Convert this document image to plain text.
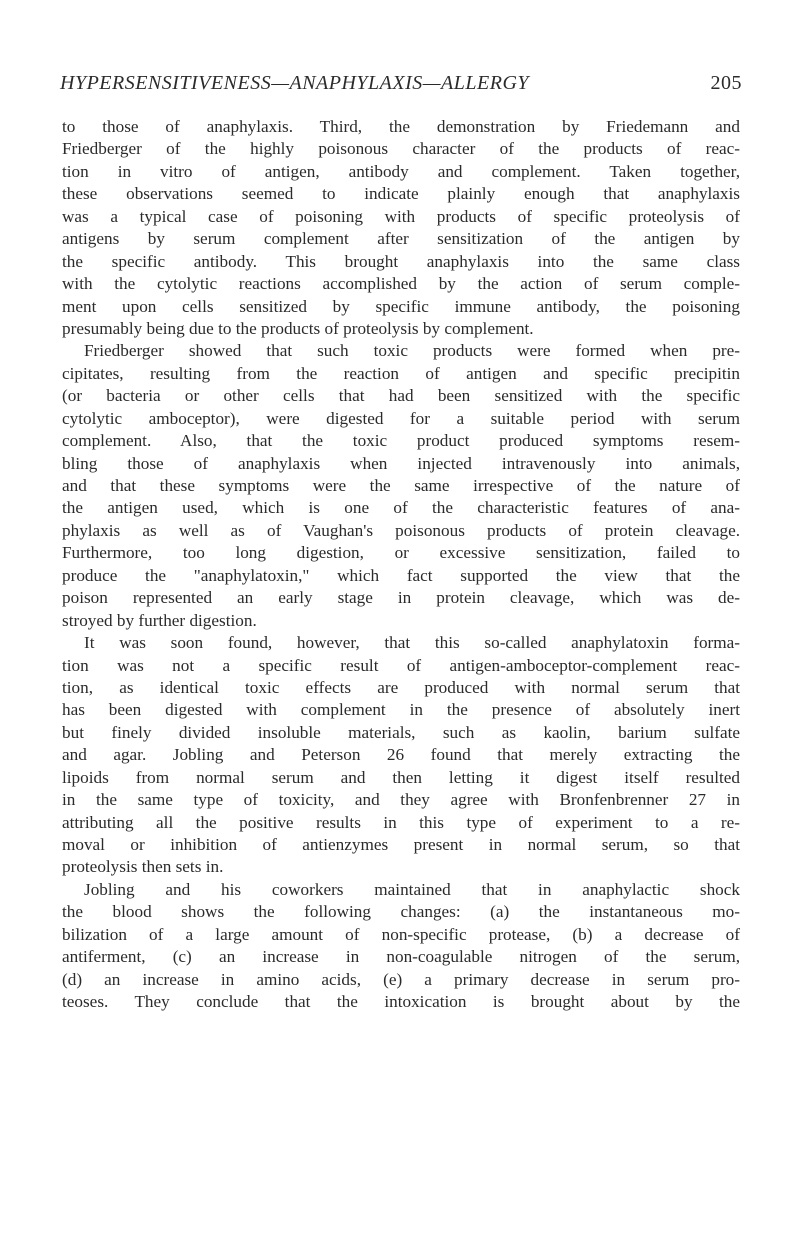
HYPERSENSITIVENESS—ANAPHYLAXIS—ALLERGY	205
to those of anaphylaxis. Third, the demonstration by Friedemann and
Friedberger of the highly poisonous character of the products of reac-
tion in vitro of antigen, antibody and complement. Taken together,
these observations seemed to indicate plainly enough that anaphylaxis
was a typical case of poisoning with products of specific proteolysis of
antigens by serum complement after sensitization of the antigen by
the specific antibody. This brought anaphylaxis into the same class
with the cytolytic reactions accomplished by the action of serum comple-
ment upon cells sensitized by specific immune antibody, the poisoning
presumably being due to the products of proteolysis by complement.
Friedberger showed that such toxic products were formed when pre-
cipitates, resulting from the reaction of antigen and specific precipitin
(or bacteria or other cells that had been sensitized with the specific
cytolytic amboceptor), were digested for a suitable period with serum
complement. Also, that the toxic product produced symptoms resem-
bling those of anaphylaxis when injected intravenously into animals,
and that these symptoms were the same irrespective of the nature of
the antigen used, which is one of the characteristic features of ana-
phylaxis as well as of Vaughan's poisonous products of protein cleavage.
Furthermore, too long digestion, or excessive sensitization, failed to
produce the "anaphylatoxin," which fact supported the view that the
poison represented an early stage in protein cleavage, which was de-
stroyed by further digestion.
It was soon found, however, that this so-called anaphylatoxin forma-
tion was not a specific result of antigen-amboceptor-complement reac-
tion, as identical toxic effects are produced with normal serum that
has been digested with complement in the presence of absolutely inert
but finely divided insoluble materials, such as kaolin, barium sulfate
and agar. Jobling and Peterson 26 found that merely extracting the
lipoids from normal serum and then letting it digest itself resulted
in the same type of toxicity, and they agree with Bronfenbrenner 27 in
attributing all the positive results in this type of experiment to a re-
moval or inhibition of antienzymes present in normal serum, so that
proteolysis then sets in.
Jobling and his coworkers maintained that in anaphylactic shock
the blood shows the following changes: (a) the instantaneous mo-
bilization of a large amount of non-specific protease, (b) a decrease of
antiferment, (c) an increase in non-coagulable nitrogen of the serum,
(d) an increase in amino acids, (e) a primary decrease in serum pro-
teoses. They conclude that the intoxication is brought about by the
